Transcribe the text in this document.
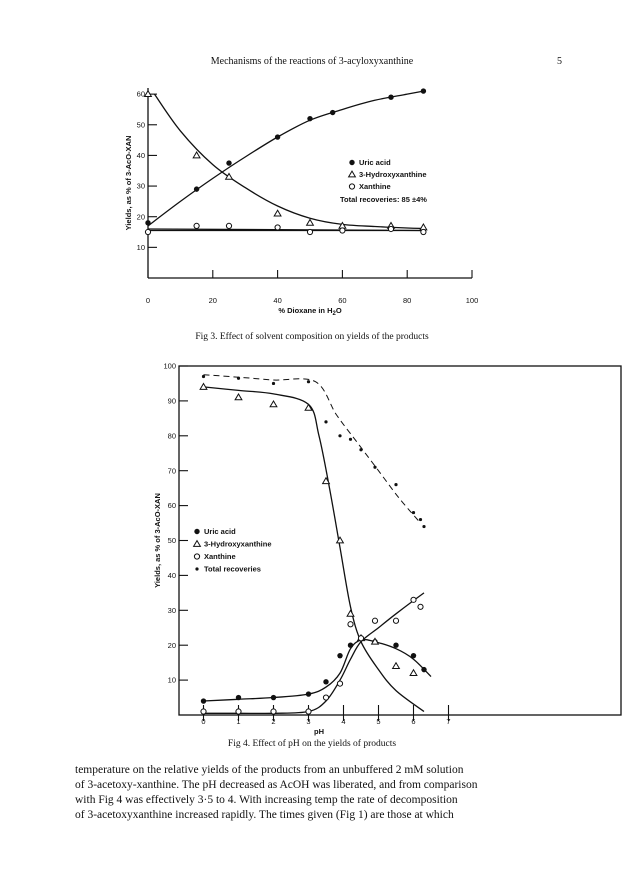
Mechanisms of the reactions of 3-acyloxyxanthine	5
0	20	40	60	80	100
10
20
30
40
50
60
% Dioxane in $H_2O$
Yields, as % of 3-AcO-XAN	Uric acid
3-Hydroxyxanthine
Xanthine
Total recoveries: 85 ±4%
0	1	2	3	4	5	6	7
10
20
30
40
50
60
70
80
90
100
pH
Yields, as % of 3-AcO-XAN	Uric acid
3-Hydroxyxanthine
Xanthine
Total recoveries
Fig 3. Effect of solvent composition on yields of the products
Fig 4. Effect of pH on the yields of products
temperature on the relative yields of the products from an unbuffered 2 mM solution
of 3-acetoxy-xanthine. The pH decreased as AcOH was liberated, and from comparison
with Fig 4 was effectively 3·5 to 4. With increasing temp the rate of decomposition
of 3-acetoxyxanthine increased rapidly. The times given (Fig 1) are those at which
